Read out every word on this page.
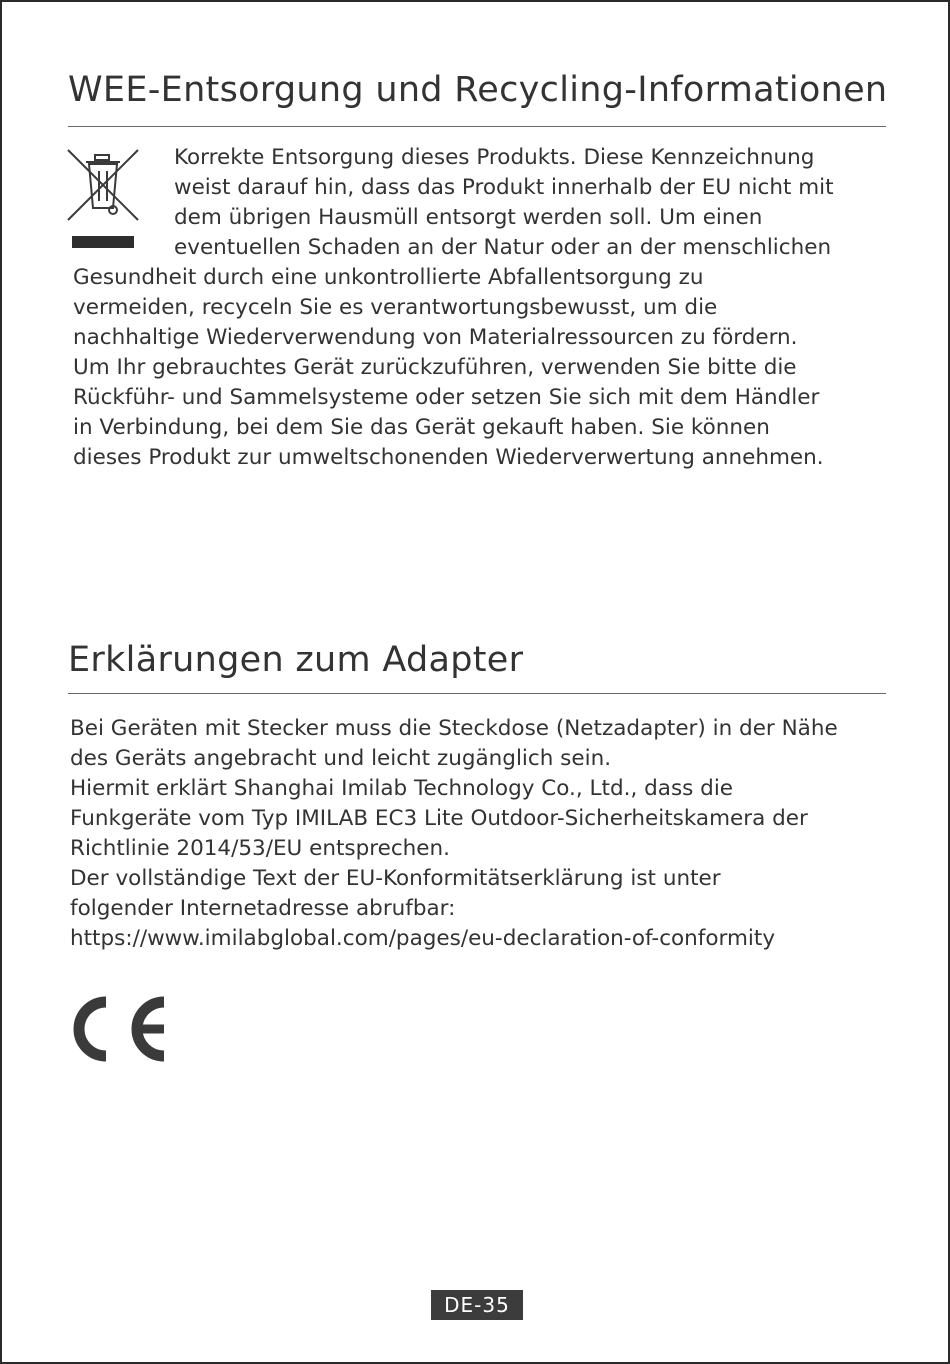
WEE-Entsorgung und Recycling-Informationen
Korrekte Entsorgung dieses Produkts. Diese Kennzeichnung
weist darauf hin, dass das Produkt innerhalb der EU nicht mit
dem übrigen Hausmüll entsorgt werden soll. Um einen
eventuellen Schaden an der Natur oder an der menschlichen
Gesundheit durch eine unkontrollierte Abfallentsorgung zu
vermeiden, recyceln Sie es verantwortungsbewusst, um die
nachhaltige Wiederverwendung von Materialressourcen zu fördern.
Um Ihr gebrauchtes Gerät zurückzuführen, verwenden Sie bitte die
Rückführ- und Sammelsysteme oder setzen Sie sich mit dem Händler
in Verbindung, bei dem Sie das Gerät gekauft haben. Sie können
dieses Produkt zur umweltschonenden Wiederverwertung annehmen.
Erklärungen zum Adapter
Bei Geräten mit Stecker muss die Steckdose (Netzadapter) in der Nähe
des Geräts angebracht und leicht zugänglich sein.
Hiermit erklärt Shanghai Imilab Technology Co., Ltd., dass die
Funkgeräte vom Typ IMILAB EC3 Lite Outdoor-Sicherheitskamera der
Richtlinie 2014/53/EU entsprechen.
Der vollständige Text der EU-Konformitätserklärung ist unter
folgender Internetadresse abrufbar:
https://www.imilabglobal.com/pages/eu-declaration-of-conformity
DE-35
